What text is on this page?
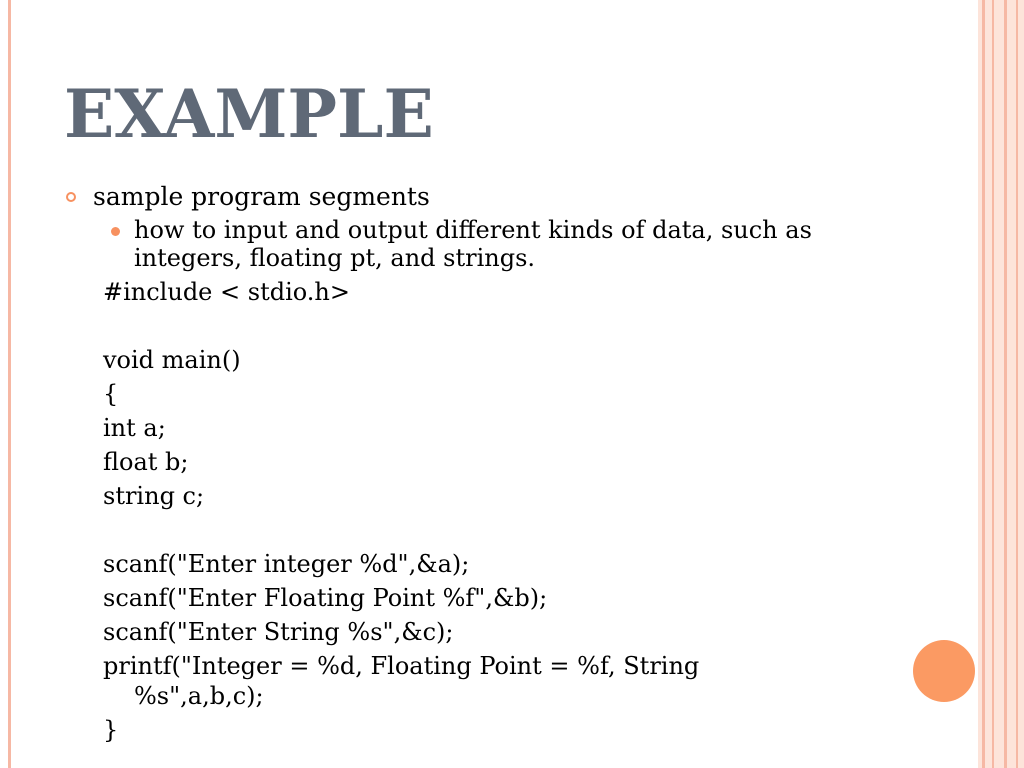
EXAMPLE
sample program segments
how to input and output different kinds of data, such as integers, floating pt, and strings.
#include < stdio.h>
void main()
{
int a;
float b;
string c;
scanf("Enter integer %d",&a);
scanf("Enter Floating Point %f",&b);
scanf("Enter String %s",&c);
printf("Integer = %d, Floating Point = %f, String
%s",a,b,c);
}
